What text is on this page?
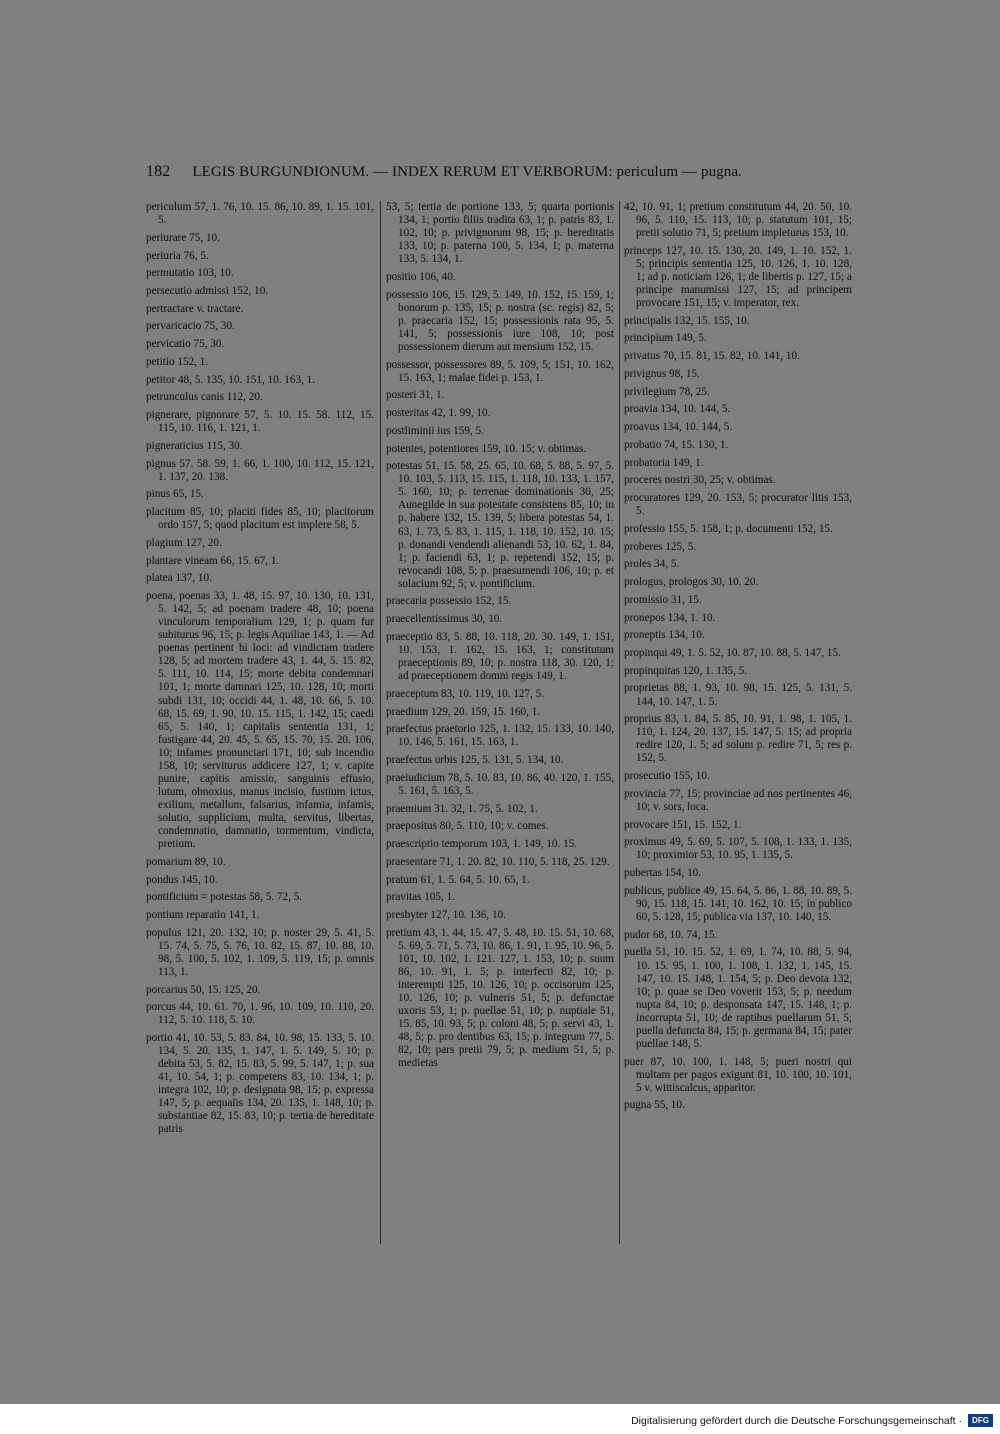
182 LEGIS BURGUNDIONUM. — INDEX RERUM ET VERBORUM: periculum — pugna.
periculum 57, 1. 76, 10. 15. 86, 10. 89, 1. 15. 101, 5.
periurare 75, 10.
periuria 76, 5.
permutatio 103, 10.
persecutio admissi 152, 10.
pertractare v. tractare.
pervaricacio 75, 30.
pervicatio 75, 30.
petitio 152, 1.
petitor 48, 5. 135, 10. 151, 10. 163, 1.
petrunculus canis 112, 20.
pignerare, pignorare 57, 5. 10. 15. 58. 112, 15. 115, 10. 116, 1. 121, 1.
pigneraticius 115, 30.
pignus 57. 58. 59, 1. 66, 1. 100, 10. 112, 15. 121, 1. 137, 20. 138.
pinus 65, 15.
placitum 85, 10; placiti fides 85, 10; placitorum ordo 157, 5; quod placitum est implere 58, 5.
plagium 127, 20.
plantare vineam 66, 15. 67, 1.
platea 137, 10.
poena, poenas 33, 1. 48, 15. 97, 10. 130, 10. 131, 5. 142, 5; ad poenam tradere 48, 10; poena vinculorum temporalium 129, 1; p. quam fur subiturus 96, 15; p. legis Aquiliae 143, 1. — Ad poenas pertinent hi loci: ad vindictam tradere 128, 5; ad mortem tradere 43, 1. 44, 5. 15. 82, 5. 111, 10. 114, 15; morte debita condemnari 101, 1; morte damnari 125, 10. 128, 10; morti subdi 131, 10; occidi 44, 1. 48, 10. 66, 5. 10. 68, 15. 69, 1. 90, 10. 15. 115, 1. 142, 15; caedi 65, 5. 140, 1; capitalis sententia 131, 1; fustigare 44, 20. 45, 5. 65, 15. 70, 15. 20. 106, 10; infames pronunciari 171, 10; sub incendio 158, 10; serviturus addicere 127, 1; v. capite punire, capitis amissio, sanguinis effusio, lutum, obnoxius, manus incisio, fustium ictus, exilium, metallum, falsarius, infamia, infamis, solutio, supplicium, multa, servitus, libertas, condemnatio, damnatio, tormentum, vindicta, pretium.
pomarium 89, 10.
pondus 145, 10.
pontificium = potestas 58, 5. 72, 5.
pontium reparatio 141, 1.
populus 121, 20. 132, 10; p. noster 29, 5. 41, 5. 15. 74, 5. 75, 5. 76, 10. 82, 15. 87, 10. 88, 10. 98, 5. 100, 5. 102, 1. 109, 5. 119, 15; p. omnis 113, 1.
porcarius 50, 15. 125, 20.
porcus 44, 10. 61. 70, 1. 96, 10. 109, 10. 110, 20. 112, 5. 10. 118, 5. 10.
portio 41, 10. 53, 5. 83. 84, 10. 98, 15. 133, 5. 10. 134, 5. 20. 135, 1. 147, 1. 5. 149, 5. 10; p. debita 53, 5. 82, 15. 83, 5. 99, 5. 147, 1; p. sua 41, 10. 54, 1; p. competens 83, 10. 134, 1; p. integra 102, 10; p. designata 98, 15; p. expressa 147, 5; p. aequalis 134, 20. 135, 1. 148, 10; p. substantiae 82, 15. 83, 10; p. tertia de hereditate patris
53, 5; tertia de portione 133, 5; quarta portionis 134, 1; portio filiis tradita 63, 1; p. patris 83, 1. 102, 10; p. privignorum 98, 15; p. hereditatis 133, 10; p. paterna 100, 5. 134, 1; p. materna 133, 5. 134, 1.
positio 106, 40.
possessio 106, 15. 129, 5. 149, 10. 152, 15. 159, 1; bonorum p. 135, 15; p. nostra (sc. regis) 82, 5; p. praecaria 152, 15; possessionis rata 95, 5. 141, 5; possessionis iure 108, 10; post possessionem dierum aut mensium 152, 15.
possessor, possessores 89, 5. 109, 5; 151, 10. 162, 15. 163, 1; malae fidei p. 153, 1.
posteri 31, 1.
posteritas 42, 1. 99, 10.
postliminii ius 159, 5.
potentes, potentiores 159, 10. 15; v. obtimas.
potestas 51, 15. 58, 25. 65, 10. 68, 5. 88, 5. 97, 5. 10. 103, 5. 113, 15. 115, 1. 118, 10. 133, 1. 157, 5. 160, 10; p. terrenae dominationis 30, 25; Aunegilde in sua potestate consistens 85, 10; in p. habere 132, 15. 139, 5; libera potestas 54, 1. 63, 1. 73, 5. 83, 1. 115, 1. 118, 10. 152, 10. 15; p. donandi vendendi alienandi 53, 10. 62, 1. 84, 1; p. faciendi 63, 1; p. repetendi 152, 15; p. revocandi 108, 5; p. praesumendi 106, 10; p. et solacium 92, 5; v. pontificium.
praecaria possessio 152, 15.
praecellentissimus 30, 10.
praeceptio 83, 5. 88, 10. 118, 20. 30. 149, 1. 151, 10. 153, 1. 162, 15. 163, 1; constitutum praeceptionis 89, 10; p. nostra 118, 30. 120, 1; ad praeceptionem domni regis 149, 1.
praeceptum 83, 10. 119, 10. 127, 5.
praedium 129, 20. 159, 15. 160, 1.
praefectus praetorio 125, 1. 132, 15. 133, 10. 140, 10. 146, 5. 161, 15. 163, 1.
praefectus urbis 125, 5. 131, 5. 134, 10.
praeiudicium 78, 5. 10. 83, 10. 86, 40. 120, 1. 155, 5. 161, 5. 163, 5.
praemium 31. 32, 1. 75, 5. 102, 1.
praepositus 80, 5. 110, 10; v. comes.
praescriptio temporum 103, 1. 149, 10. 15.
praesentare 71, 1. 20. 82, 10. 110, 5. 118, 25. 129.
pratum 61, 1. 5. 64, 5. 10. 65, 1.
pravitas 105, 1.
presbyter 127, 10. 136, 10.
pretium 43, 1. 44, 15. 47, 5. 48, 10. 15. 51, 10. 68, 5. 69, 5. 71, 5. 73, 10. 86, 1. 91, 1. 95, 10. 96, 5. 101, 10. 102, 1. 121. 127, 1. 153, 10; p. suum 86, 10. 91, 1. 5; p. interfecti 82, 10; p. interempti 125, 10. 126, 10; p. occisorum 125, 10. 126, 10; p. vulneris 51, 5; p. defunctae uxoris 53, 1; p. puellae 51, 10; p. nuptiale 51, 15. 85, 10. 93, 5; p. coloni 48, 5; p. servi 43, 1. 48, 5; p. pro dentibus 63, 15; p. integrum 77, 5. 82, 10; pars pretii 79, 5; p. medium 51, 5; p. medietas
42, 10. 91, 1; pretium constitutum 44, 20. 50, 10. 96, 5. 110, 15. 113, 10; p. statutum 101, 15; pretii solutio 71, 5; pretium impleturus 153, 10.
princeps 127, 10. 15. 130, 20. 149, 1. 10. 152, 1. 5; principis sententia 125, 10. 126, 1. 10. 128, 1; ad p. noticiam 126, 1; de libertis p. 127, 15; a principe manumissi 127, 15; ad principem provocare 151, 15; v. imperator, rex.
principalis 132, 15. 155, 10.
principium 149, 5.
privatus 70, 15. 81, 15. 82, 10. 141, 10.
privignus 98, 15.
privilegium 78, 25.
proavia 134, 10. 144, 5.
proavus 134, 10. 144, 5.
probatio 74, 15. 130, 1.
probatoria 149, 1.
proceres nostri 30, 25; v. obtimas.
procuratores 129, 20. 153, 5; procurator litis 153, 5.
professio 155, 5. 158, 1; p. documenti 152, 15.
proberes 125, 5.
proles 34, 5.
prologus, prologos 30, 10. 20.
promissio 31, 15.
pronepos 134, 1. 10.
proneptis 134, 10.
propinqui 49, 1. 5. 52, 10. 87, 10. 88, 5. 147, 15.
propinquitas 120, 1. 135, 5.
proprietas 88, 1. 93, 10. 98, 15. 125, 5. 131, 5. 144, 10. 147, 1. 5.
proprius 83, 1. 84, 5. 85, 10. 91, 1. 98, 1. 105, 1. 110, 1. 124, 20. 137, 15. 147, 5. 15; ad propria redire 120, 1. 5; ad solum p. redire 71, 5; res p. 152, 5.
prosecutio 155, 10.
provincia 77, 15; provinciae ad nos pertinentes 46, 10; v. sors, loca.
provocare 151, 15. 152, 1.
proximus 49, 5. 69, 5. 107, 5. 108, 1. 133, 1. 135, 10; proximior 53, 10. 95, 1. 135, 5.
pubertas 154, 10.
publicus, publice 49, 15. 64, 5. 86, 1. 88, 10. 89, 5. 90, 15. 118, 15. 141, 10. 162, 10. 15; in publico 60, 5. 128, 15; publica via 137, 10. 140, 15.
pudor 68, 10. 74, 15.
puella 51, 10. 15. 52, 1. 69, 1. 74, 10. 88, 5. 94, 10. 15. 95, 1. 100, 1. 108, 1. 132, 1. 145, 15. 147, 10. 15. 148, 1. 154, 5; p. Deo devota 132, 10; p. quae se Deo voverit 153, 5; p. needum nupta 84, 10; p. desponsata 147, 15. 148, 1; p. incorrupta 51, 10; de raptibus puellarum 51, 5; puella defuncta 84, 15; p. germana 84, 15; pater puellae 148, 5.
puer 87, 10. 100, 1. 148, 5; pueri nostri qui multam per pagos exigunt 81, 10. 100, 10. 101, 5 v. wittiscalcus, apparitor.
pugna 55, 10.
Digitalisierung gefördert durch die Deutsche Forschungsgemeinschaft ·	DFG
